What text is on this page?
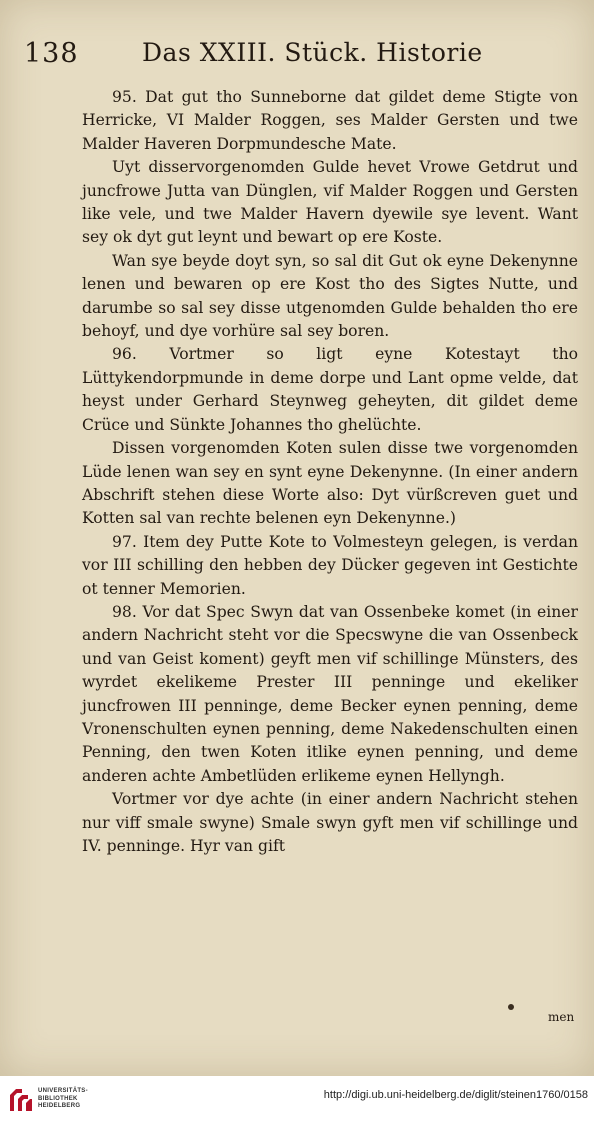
138	Das XXIII. Stück. Historie

95. Dat gut tho Sunneborne dat gildet deme Stigte von Herricke, VI Malder Roggen, ses Malder Gersten und twe Malder Haveren Dorpmundesche Mate.

Uyt disservorgenomden Gulde hevet Vrowe Getdrut und juncfrowe Jutta van Dünglen, vif Malder Roggen und Gersten like vele, und twe Malder Havern dyewile sye levent. Want sey ok dyt gut leynt und bewart op ere Koste.

Wan sye beyde doyt syn, so sal dit Gut ok eyne Dekenynne lenen und bewaren op ere Kost tho des Sigtes Nutte, und darumbe so sal sey disse utgenomden Gulde behalden tho ere behoyf, und dye vorhüre sal sey boren.

96. Vortmer so ligt eyne Kotestayt tho Lüttykendorpmunde in deme dorpe und Lant opme velde, dat heyst under Gerhard Steynweg geheyten, dit gildet deme Crüce und Sünkte Johannes tho ghelüchte.

Dissen vorgenomden Koten sulen disse twe vorgenomden Lüde lenen wan sey en synt eyne Dekenynne. (In einer andern Abschrift stehen diese Worte also: Dyt vürßcreven guet und Kotten sal van rechte belenen eyn Dekenynne.)

97. Item dey Putte Kote to Volmesteyn gelegen, is verdan vor III schilling den hebben dey Dücker gegeven int Gestichte ot tenner Memorien.

98. Vor dat Spec Swyn dat van Ossenbeke komet (in einer andern Nachricht steht vor die Specswyne die van Ossenbeck und van Geist koment) geyft men vif schillinge Münsters, des wyrdet ekelikeme Prester III penninge und ekeliker juncfrowen III penninge, deme Becker eynen penning, deme Vronenschulten eynen penning, deme Nakedenschulten einen Penning, den twen Koten itlike eynen penning, und deme anderen achte Ambetlüden erlikeme eynen Hellyngh.

Vortmer vor dye achte (in einer andern Nachricht stehen nur viff smale swyne) Smale swyn gyft men vif schillinge und IV. penninge. Hyr van gift

men
UNIVERSITÄTS-
BIBLIOTHEK
HEIDELBERG
http://digi.ub.uni-heidelberg.de/diglit/steinen1760/0158
